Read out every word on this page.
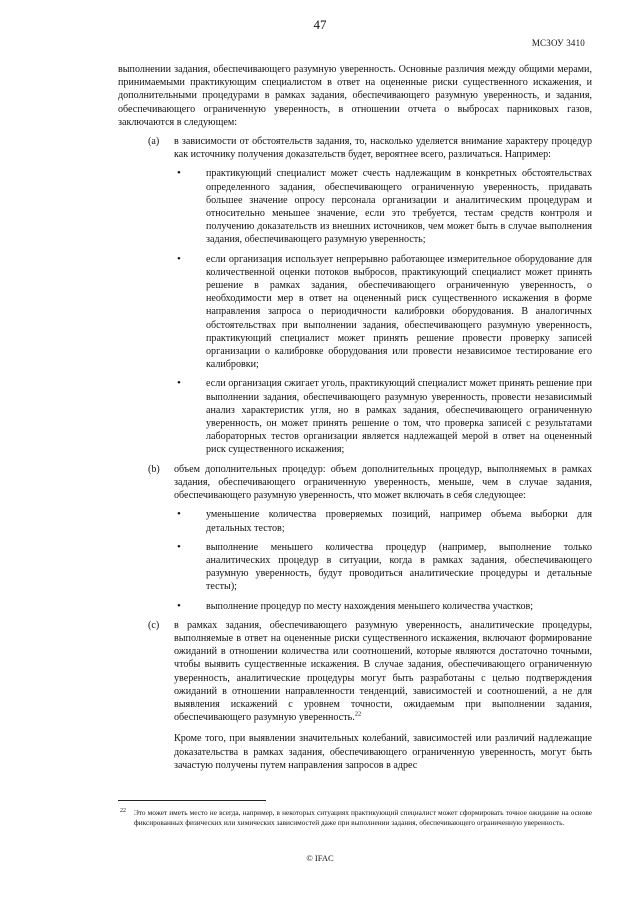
47
МСЗОУ 3410

выполнении задания, обеспечивающего разумную уверенность. Основные различия между общими мерами, принимаемыми практикующим специалистом в ответ на оцененные риски существенного искажения, и дополнительными процедурами в рамках задания, обеспечивающего разумную уверенность, и задания, обеспечивающего ограниченную уверенность, в отношении отчета о выбросах парниковых газов, заключаются в следующем:

(a) в зависимости от обстоятельств задания, то, насколько уделяется внимание характеру процедур как источнику получения доказательств будет, вероятнее всего, различаться. Например:

• практикующий специалист может счесть надлежащим в конкретных обстоятельствах определенного задания, обеспечивающего ограниченную уверенность, придавать большее значение опросу персонала организации и аналитическим процедурам и относительно меньшее значение, если это требуется, тестам средств контроля и получению доказательств из внешних источников, чем может быть в случае выполнения задания, обеспечивающего разумную уверенность;

• если организация использует непрерывно работающее измерительное оборудование для количественной оценки потоков выбросов, практикующий специалист может принять решение в рамках задания, обеспечивающего ограниченную уверенность, о необходимости мер в ответ на оцененный риск существенного искажения в форме направления запроса о периодичности калибровки оборудования. В аналогичных обстоятельствах при выполнении задания, обеспечивающего разумную уверенность, практикующий специалист может принять решение провести проверку записей организации о калибровке оборудования или провести независимое тестирование его калибровки;

• если организация сжигает уголь, практикующий специалист может принять решение при выполнении задания, обеспечивающего разумную уверенность, провести независимый анализ характеристик угля, но в рамках задания, обеспечивающего ограниченную уверенность, он может принять решение о том, что проверка записей с результатами лабораторных тестов организации является надлежащей мерой в ответ на оцененный риск существенного искажения;

(b) объем дополнительных процедур: объем дополнительных процедур, выполняемых в рамках задания, обеспечивающего ограниченную уверенность, меньше, чем в случае задания, обеспечивающего разумную уверенность, что может включать в себя следующее:

• уменьшение количества проверяемых позиций, например объема выборки для детальных тестов;

• выполнение меньшего количества процедур (например, выполнение только аналитических процедур в ситуации, когда в рамках задания, обеспечивающего разумную уверенность, будут проводиться аналитические процедуры и детальные тесты);

• выполнение процедур по месту нахождения меньшего количества участков;

(c) в рамках задания, обеспечивающего разумную уверенность, аналитические процедуры, выполняемые в ответ на оцененные риски существенного искажения, включают формирование ожиданий в отношении количества или соотношений, которые являются достаточно точными, чтобы выявить существенные искажения. В случае задания, обеспечивающего ограниченную уверенность, аналитические процедуры могут быть разработаны с целью подтверждения ожиданий в отношении направленности тенденций, зависимостей и соотношений, а не для выявления искажений с уровнем точности, ожидаемым при выполнении задания, обеспечивающего разумную уверенность.$^{22}$

Кроме того, при выявлении значительных колебаний, зависимостей или различий надлежащие доказательства в рамках задания, обеспечивающего ограниченную уверенность, могут быть зачастую получены путем направления запросов в адрес

22	Это может иметь место не всегда, например, в некоторых ситуациях практикующий специалист может сформировать точное ожидание на основе фиксированных физических или химических зависимостей даже при выполнении задания, обеспечивающего ограниченную уверенность.
© IFAC
